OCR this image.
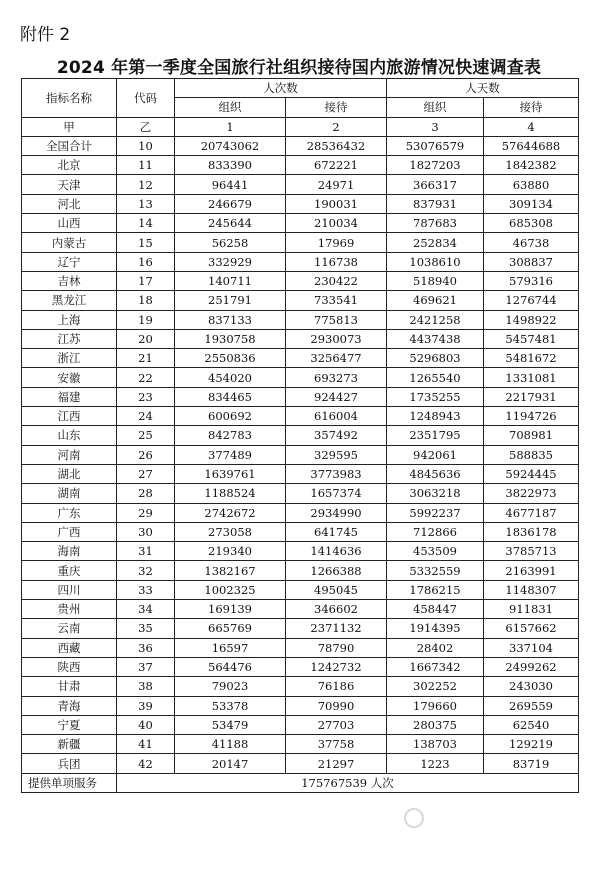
附件 2
2024 年第一季度全国旅行社组织接待国内旅游情况快速调查表
指标名称	代码	人次数		人天数	
		组织	接待	组织	接待
甲	乙	1	2	3	4
全国合计	10	20743062	28536432	53076579	57644688
北京	11	833390	672221	1827203	1842382
天津	12	96441	24971	366317	63880
河北	13	246679	190031	837931	309134
山西	14	245644	210034	787683	685308
内蒙古	15	56258	17969	252834	46738
辽宁	16	332929	116738	1038610	308837
吉林	17	140711	230422	518940	579316
黑龙江	18	251791	733541	469621	1276744
上海	19	837133	775813	2421258	1498922
江苏	20	1930758	2930073	4437438	5457481
浙江	21	2550836	3256477	5296803	5481672
安徽	22	454020	693273	1265540	1331081
福建	23	834465	924427	1735255	2217931
江西	24	600692	616004	1248943	1194726
山东	25	842783	357492	2351795	708981
河南	26	377489	329595	942061	588835
湖北	27	1639761	3773983	4845636	5924445
湖南	28	1188524	1657374	3063218	3822973
广东	29	2742672	2934990	5992237	4677187
广西	30	273058	641745	712866	1836178
海南	31	219340	1414636	453509	3785713
重庆	32	1382167	1266388	5332559	2163991
四川	33	1002325	495045	1786215	1148307
贵州	34	169139	346602	458447	911831
云南	35	665769	2371132	1914395	6157662
西藏	36	16597	78790	28402	337104
陕西	37	564476	1242732	1667342	2499262
甘肃	38	79023	76186	302252	243030
青海	39	53378	70990	179660	269559
宁夏	40	53479	27703	280375	62540
新疆	41	41188	37758	138703	129219
兵团	42	20147	21297	1223	83719
提供单项服务	175767539 人次				
